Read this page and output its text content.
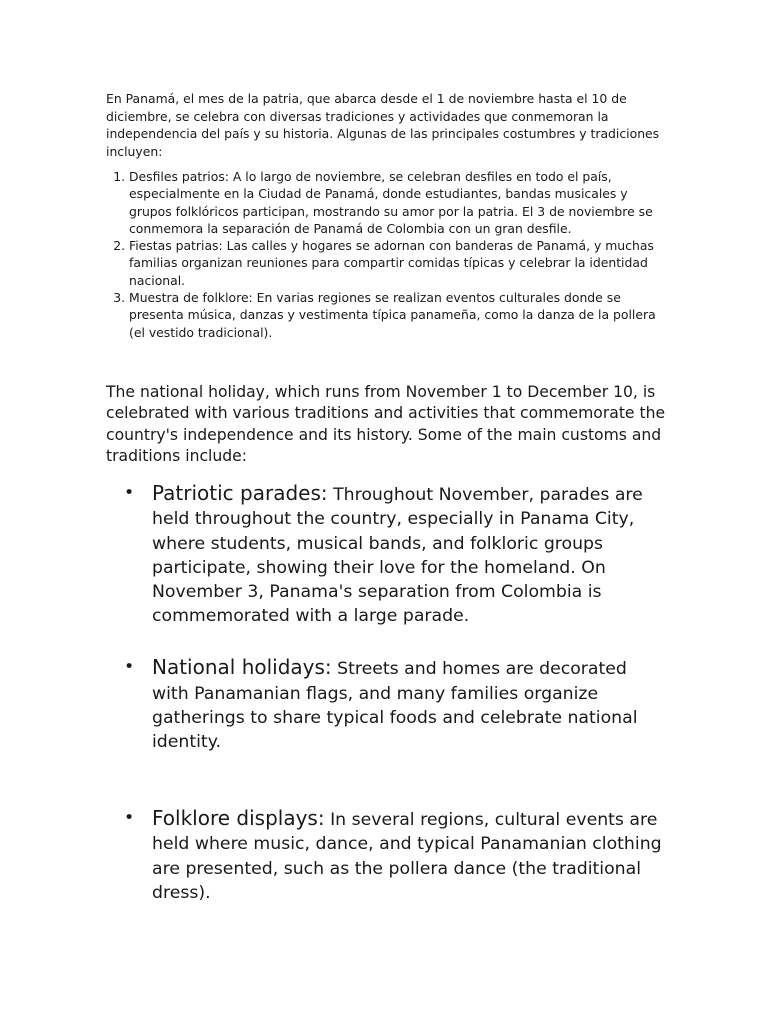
En Panamá, el mes de la patria, que abarca desde el 1 de noviembre hasta el 10 de diciembre, se celebra con diversas tradiciones y actividades que conmemoran la independencia del país y su historia. Algunas de las principales costumbres y tradiciones incluyen:

1. Desfiles patrios: A lo largo de noviembre, se celebran desfiles en todo el país, especialmente en la Ciudad de Panamá, donde estudiantes, bandas musicales y grupos folklóricos participan, mostrando su amor por la patria. El 3 de noviembre se conmemora la separación de Panamá de Colombia con un gran desfile.
2. Fiestas patrias: Las calles y hogares se adornan con banderas de Panamá, y muchas familias organizan reuniones para compartir comidas típicas y celebrar la identidad nacional.
3. Muestra de folklore: En varias regiones se realizan eventos culturales donde se presenta música, danzas y vestimenta típica panameña, como la danza de la pollera (el vestido tradicional).

The national holiday, which runs from November 1 to December 10, is celebrated with various traditions and activities that commemorate the country's independence and its history. Some of the main customs and traditions include:

• Patriotic parades: Throughout November, parades are held throughout the country, especially in Panama City, where students, musical bands, and folkloric groups participate, showing their love for the homeland. On November 3, Panama's separation from Colombia is commemorated with a large parade.
• National holidays: Streets and homes are decorated with Panamanian flags, and many families organize gatherings to share typical foods and celebrate national identity.
• Folklore displays: In several regions, cultural events are held where music, dance, and typical Panamanian clothing are presented, such as the pollera dance (the traditional dress).
